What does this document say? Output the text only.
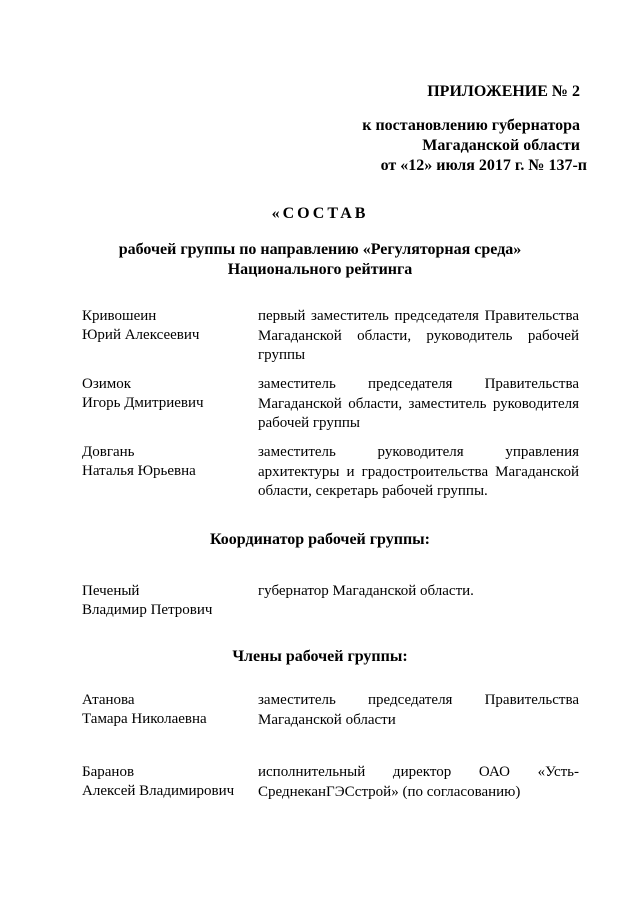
ПРИЛОЖЕНИЕ № 2
к постановлению губернатора
Магаданской области
от «12» июля 2017 г. № 137-п
«СОСТАВ
рабочей группы по направлению «Регуляторная среда»
Национального рейтинга
Кривошеин
Юрий Алексеевич
первый заместитель председателя Правительства Магаданской области, руководитель рабочей группы
Озимок
Игорь Дмитриевич
заместитель председателя Правительства Магаданской области, заместитель руководителя рабочей группы
Довгань
Наталья Юрьевна
заместитель руководителя управления архитектуры и градостроительства Магаданской области, секретарь рабочей группы.
Координатор рабочей группы:
Печеный
Владимир Петрович
губернатор Магаданской области.
Члены рабочей группы:
Атанова
Тамара Николаевна
заместитель председателя Правительства Магаданской области
Баранов
Алексей Владимирович
исполнительный директор ОАО «Усть-СреднеканГЭСстрой» (по согласованию)
